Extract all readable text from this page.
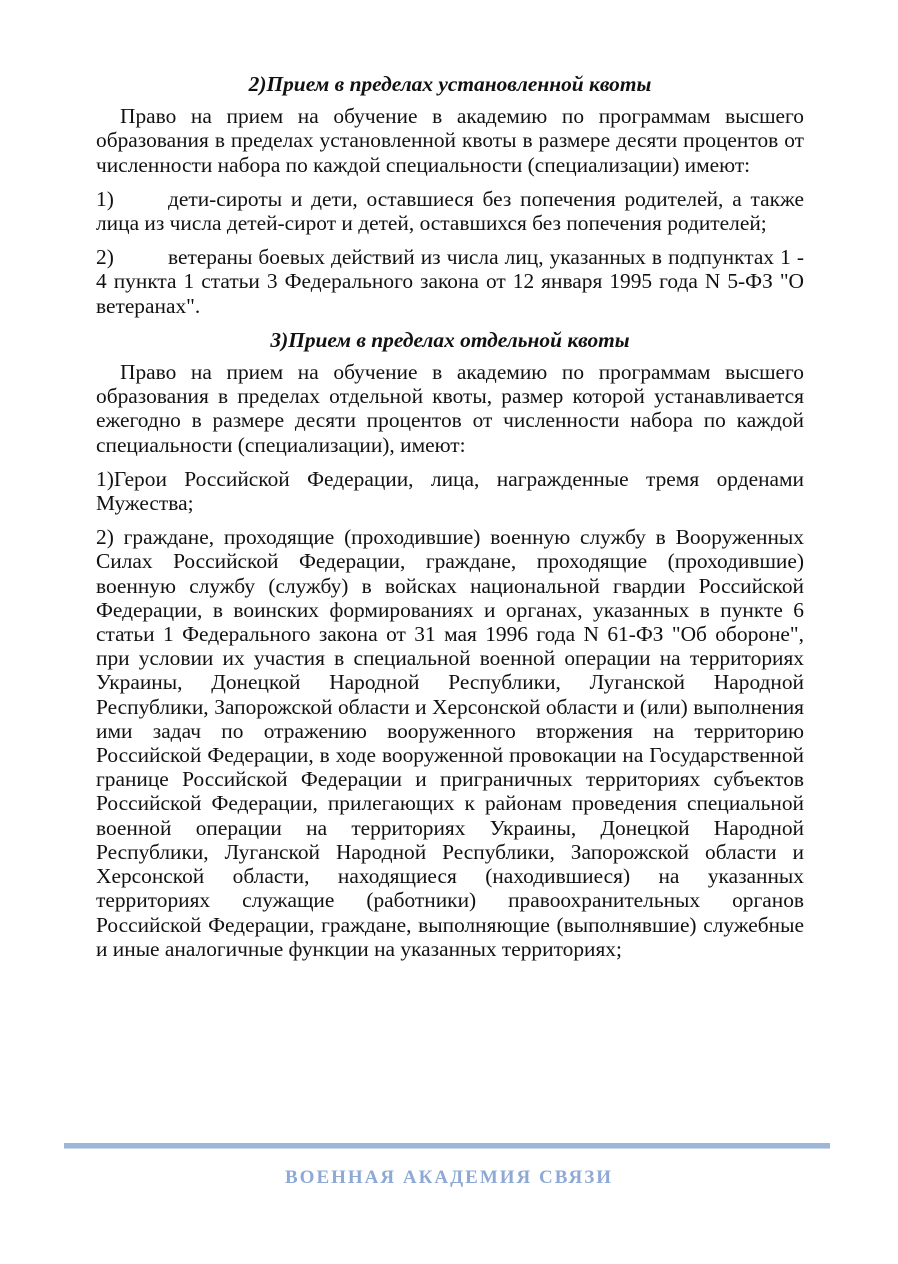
2)Прием в пределах установленной квоты

Право на прием на обучение в академию по программам высшего образования в пределах установленной квоты в размере десяти процентов от численности набора по каждой специальности (специализации) имеют:

1)	дети-сироты и дети, оставшиеся без попечения родителей, а также лица из числа детей-сирот и детей, оставшихся без попечения родителей;

2)	ветераны боевых действий из числа лиц, указанных в подпунктах 1 - 4 пункта 1 статьи 3 Федерального закона от 12 января 1995 года N 5-ФЗ "О ветеранах".

3)Прием в пределах отдельной квоты

Право на прием на обучение в академию по программам высшего образования в пределах отдельной квоты, размер которой устанавливается ежегодно в размере десяти процентов от численности набора по каждой специальности (специализации), имеют:

1)Герои Российской Федерации, лица, награжденные тремя орденами Мужества;

2) граждане, проходящие (проходившие) военную службу в Вооруженных Силах Российской Федерации, граждане, проходящие (проходившие) военную службу (службу) в войсках национальной гвардии Российской Федерации, в воинских формированиях и органах, указанных в пункте 6 статьи 1 Федерального закона от 31 мая 1996 года N 61-ФЗ "Об обороне", при условии их участия в специальной военной операции на территориях Украины, Донецкой Народной Республики, Луганской Народной Республики, Запорожской области и Херсонской области и (или) выполнения ими задач по отражению вооруженного вторжения на территорию Российской Федерации, в ходе вооруженной провокации на Государственной границе Российской Федерации и приграничных территориях субъектов Российской Федерации, прилегающих к районам проведения специальной военной операции на территориях Украины, Донецкой Народной Республики, Луганской Народной Республики, Запорожской области и Херсонской области, находящиеся (находившиеся) на указанных территориях служащие (работники) правоохранительных органов Российской Федерации, граждане, выполняющие (выполнявшие) служебные и иные аналогичные функции на указанных территориях;

ВОЕННАЯ АКАДЕМИЯ СВЯЗИ
